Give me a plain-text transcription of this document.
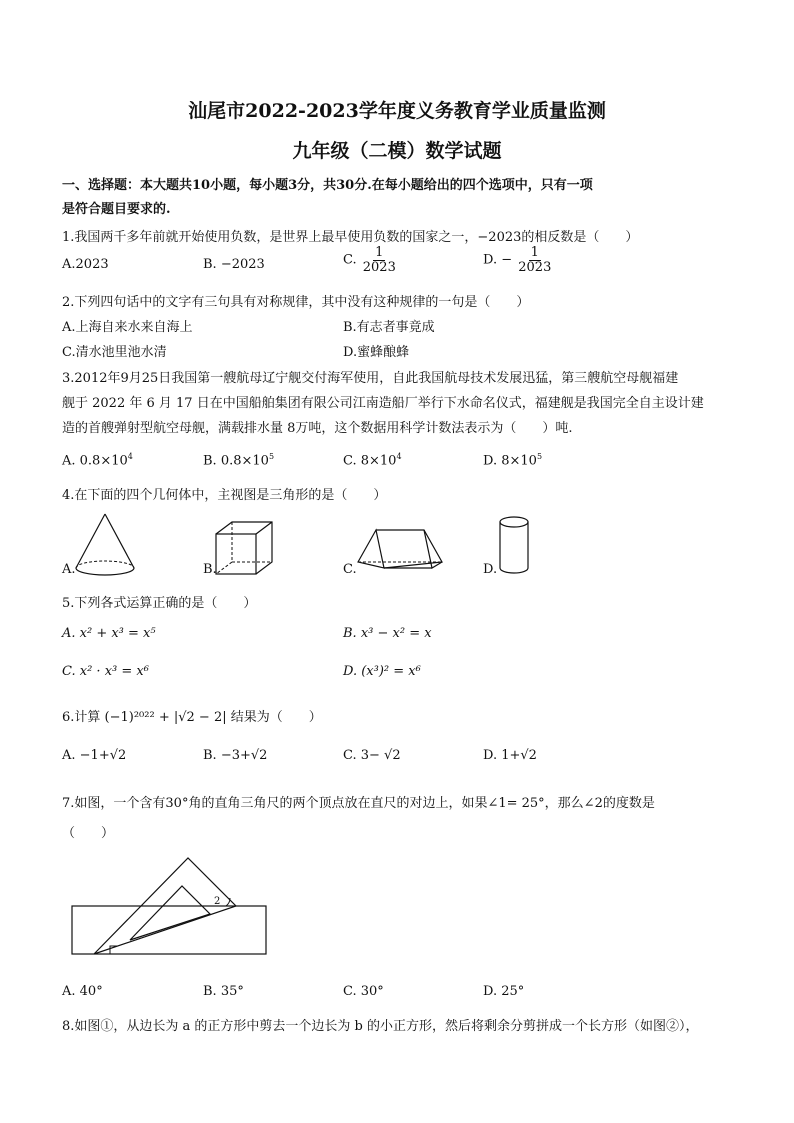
汕尾市2022-2023学年度义务教育学业质量监测
九年级（二模）数学试题
一、选择题：本大题共10小题，每小题3分，共30分.在每小题给出的四个选项中，只有一项
是符合题目要求的.
1.我国两千多年前就开始使用负数，是世界上最早使用负数的国家之一，−2023的相反数是（　　）
A.2023	B. −2023	C. $\frac{1}{2023}$	D. − $\frac{1}{2023}$
2.下列四句话中的文字有三句具有对称规律，其中没有这种规律的一句是（　　）
A.上海自来水来自海上	B.有志者事竟成
C.清水池里池水清	D.蜜蜂酿蜂
3.2012年9月25日我国第一艘航母辽宁舰交付海军使用，自此我国航母技术发展迅猛，第三艘航空母舰福建
舰于 2022 年 6 月 17 日在中国船舶集团有限公司江南造船厂举行下水命名仪式，福建舰是我国完全自主设计建
造的首艘弹射型航空母舰，满载排水量 8万吨，这个数据用科学计数法表示为（　　）吨.
A. $0.8\times 10^4$	B. $0.8\times 10^5$	C. $8\times 10^4$	D. $8\times 10^5$
4.在下面的四个几何体中，主视图是三角形的是（　　）
A.	B.	C.	D.
5.下列各式运算正确的是（　　）
A. x² + x³ = x⁵	B. x³ − x² = x
C. x² · x³ = x⁶	D. (x³)² = x⁶
6.计算 (−1)²⁰²² + |√2 − 2| 结果为（　　）
A. −1+√2	B. −3+√2	C. 3− √2	D. 1+√2
7.如图，一个含有30°角的直角三角尺的两个顶点放在直尺的对边上，如果∠1= 25°，那么∠2的度数是
（　　）
2
A. 40°	B. 35°	C. 30°	D. 25°
8.如图①，从边长为 a 的正方形中剪去一个边长为 b 的小正方形，然后将剩余分剪拼成一个长方形（如图②），
